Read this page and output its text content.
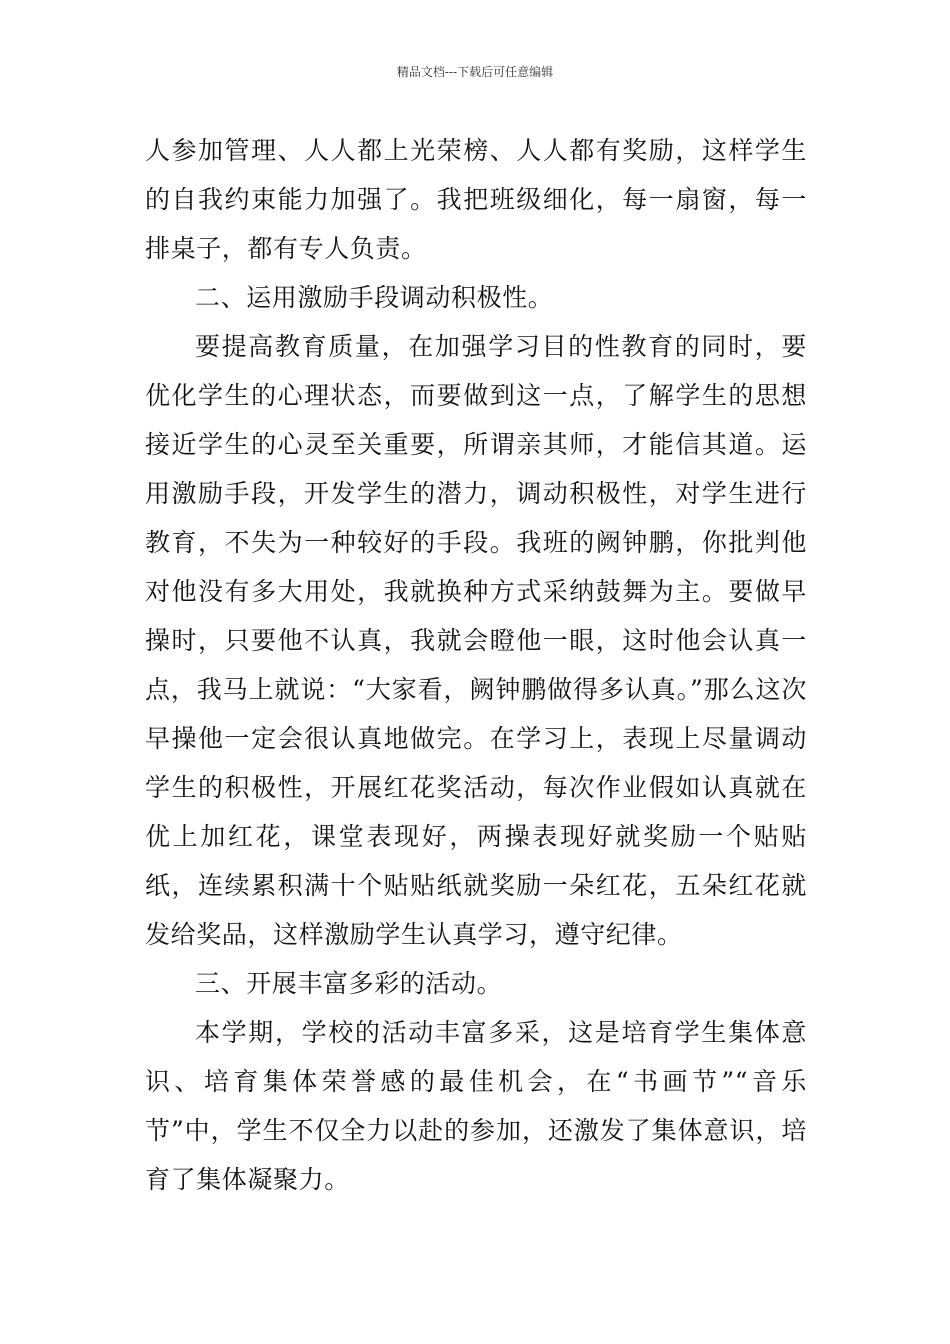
精品文档---下载后可任意编辑

人参加管理、人人都上光荣榜、人人都有奖励，这样学生的自我约束能力加强了。我把班级细化，每一扇窗，每一排桌子，都有专人负责。

二、运用激励手段调动积极性。

要提高教育质量，在加强学习目的性教育的同时，要优化学生的心理状态，而要做到这一点，了解学生的思想接近学生的心灵至关重要，所谓亲其师，才能信其道。运用激励手段，开发学生的潜力，调动积极性，对学生进行教育，不失为一种较好的手段。我班的阙钟鹏，你批判他对他没有多大用处，我就换种方式采纳鼓舞为主。要做早操时，只要他不认真，我就会瞪他一眼，这时他会认真一点，我马上就说：“大家看，阙钟鹏做得多认真。”那么这次早操他一定会很认真地做完。在学习上，表现上尽量调动学生的积极性，开展红花奖活动，每次作业假如认真就在优上加红花，课堂表现好，两操表现好就奖励一个贴贴纸，连续累积满十个贴贴纸就奖励一朵红花，五朵红花就发给奖品，这样激励学生认真学习，遵守纪律。

三、开展丰富多彩的活动。

本学期，学校的活动丰富多采，这是培育学生集体意识、培育集体荣誉感的最佳机会，在“书画节”“音乐节”中，学生不仅全力以赴的参加，还激发了集体意识，培育了集体凝聚力。
